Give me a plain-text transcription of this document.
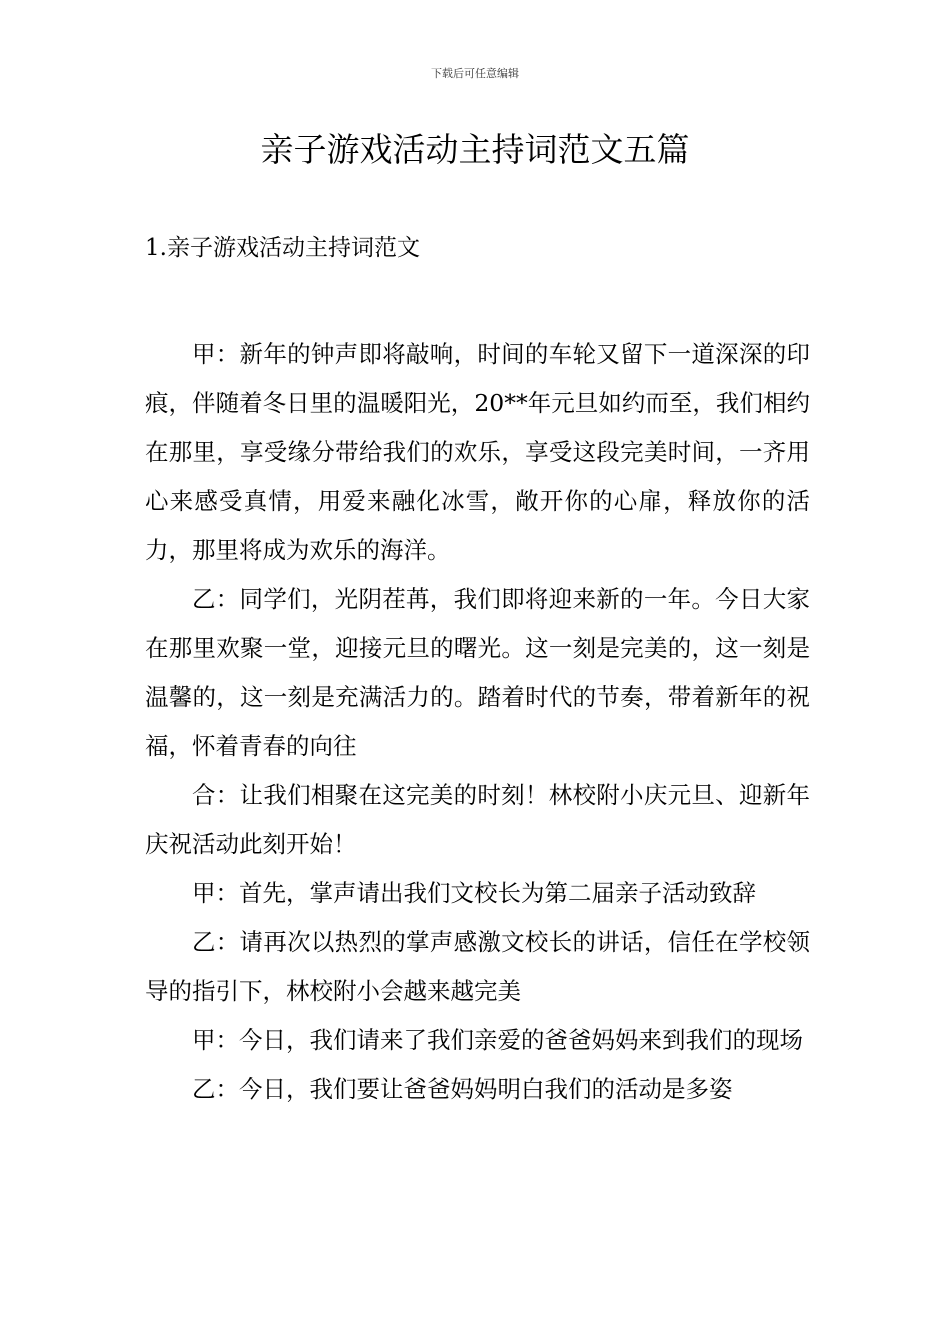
下载后可任意编辑
亲子游戏活动主持词范文五篇
1.亲子游戏活动主持词范文

甲：新年的钟声即将敲响，时间的车轮又留下一道深深的印痕，伴随着冬日里的温暖阳光，20**年元旦如约而至，我们相约在那里，享受缘分带给我们的欢乐，享受这段完美时间，一齐用心来感受真情，用爱来融化冰雪，敞开你的心扉，释放你的活力，那里将成为欢乐的海洋。

乙：同学们，光阴茬苒，我们即将迎来新的一年。今日大家在那里欢聚一堂，迎接元旦的曙光。这一刻是完美的，这一刻是温馨的，这一刻是充满活力的。踏着时代的节奏，带着新年的祝福，怀着青春的向往

合：让我们相聚在这完美的时刻！林校附小庆元旦、迎新年庆祝活动此刻开始！

甲：首先，掌声请出我们文校长为第二届亲子活动致辞

乙：请再次以热烈的掌声感激文校长的讲话，信任在学校领导的指引下，林校附小会越来越完美

甲：今日，我们请来了我们亲爱的爸爸妈妈来到我们的现场

乙：今日，我们要让爸爸妈妈明白我们的活动是多姿
